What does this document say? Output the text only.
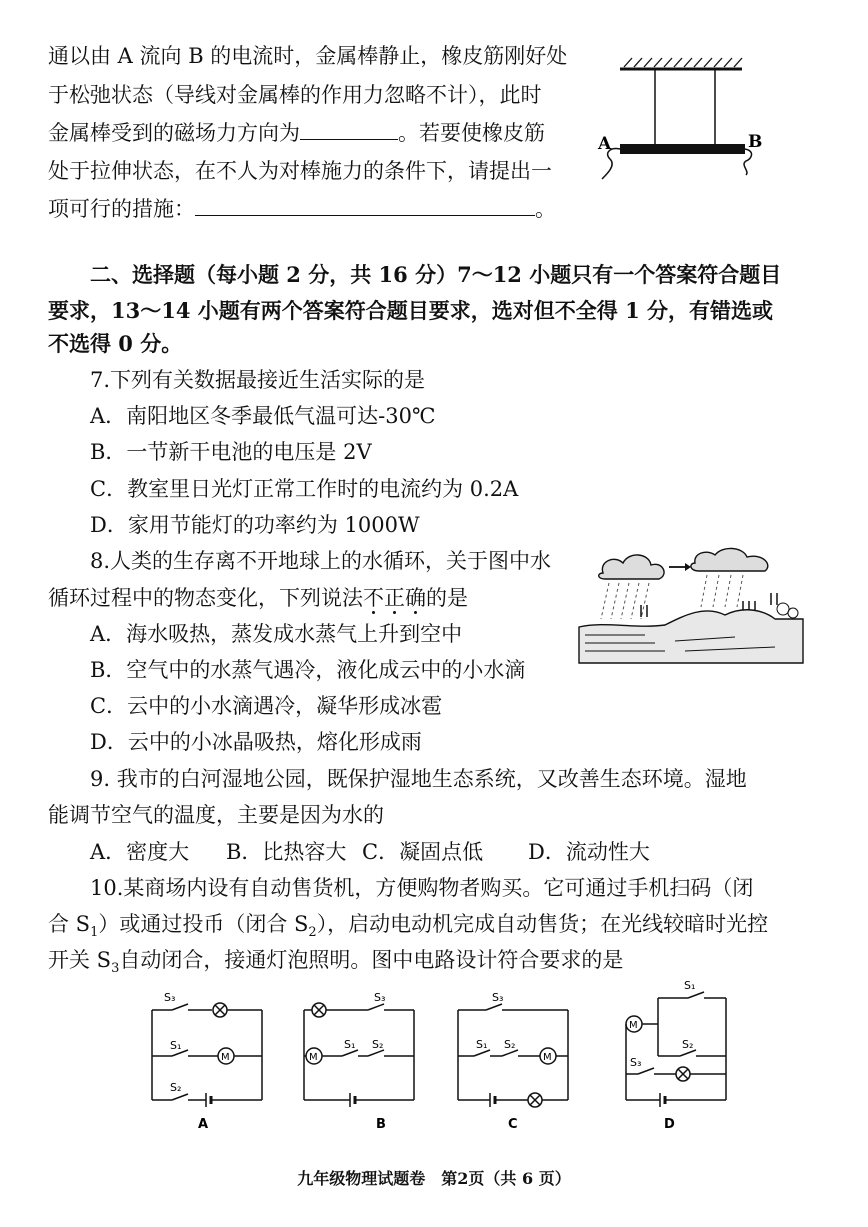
通以由 A 流向 B 的电流时，金属棒静止，橡皮筋刚好处
于松弛状态（导线对金属棒的作用力忽略不计），此时
金属棒受到的磁场力方向为	。若要使橡皮筋
处于拉伸状态，在不人为对棒施力的条件下，请提出一
项可行的措施：	。
A	B
二、选择题（每小题 2 分，共 16 分）7～12 小题只有一个答案符合题目
要求，13～14 小题有两个答案符合题目要求，选对但不全得 1 分，有错选或
不选得 0 分。
7.下列有关数据最接近生活实际的是
A．南阳地区冬季最低气温可达-30℃
B．一节新干电池的电压是 2V
C．教室里日光灯正常工作时的电流约为 0.2A
D．家用节能灯的功率约为 1000W
8.人类的生存离不开地球上的水循环，关于图中水
循环过程中的物态变化，下列说法不正确的是
A．海水吸热，蒸发成水蒸气上升到空中
B．空气中的水蒸气遇冷，液化成云中的小水滴
C．云中的小水滴遇冷，凝华形成冰雹
D．云中的小冰晶吸热，熔化形成雨
9. 我市的白河湿地公园，既保护湿地生态系统，又改善生态环境。湿地
能调节空气的温度，主要是因为水的
A．密度大 B．比热容大 C．凝固点低 D．流动性大
10.某商场内设有自动售货机，方便购物者购买。它可通过手机扫码（闭
合 $S_1$）或通过投币（闭合 $S_2$），启动电动机完成自动售货；在光线较暗时光控
开关 $S_3$自动闭合，接通灯泡照明。图中电路设计符合要求的是
S₃
S₁
M
S₂
A
S₃
M
S₁ S₂
B
S₃
S₁ S₂
M
C
S₁
M
S₂
S₃
D
九年级物理试题卷　第2页（共 6 页）
